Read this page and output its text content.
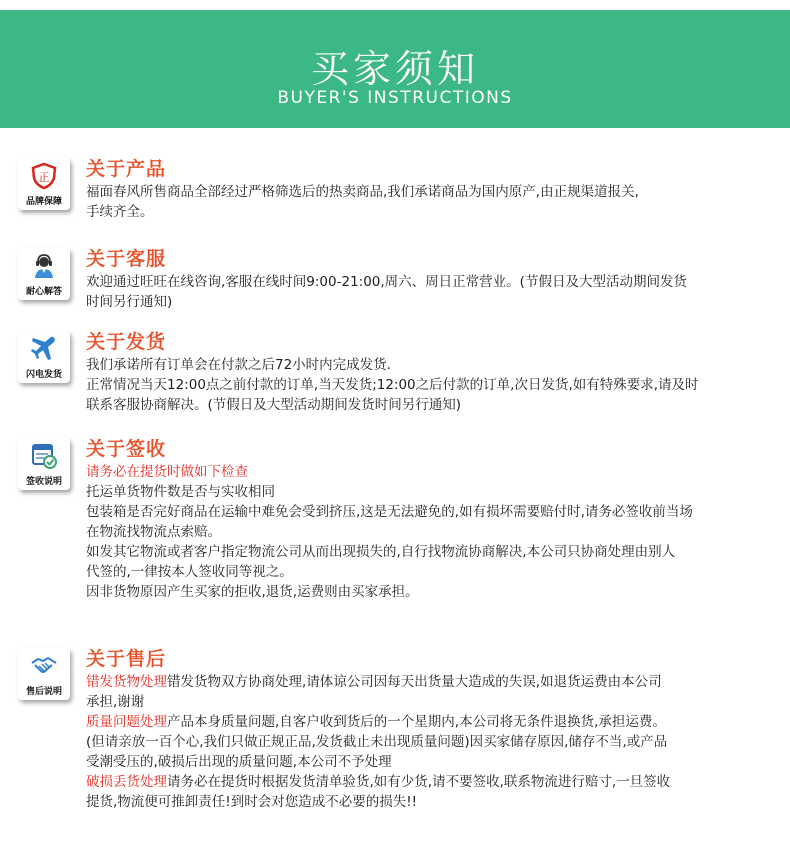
买家须知
BUYER'S INSTRUCTIONS
正
品牌保障
关于产品

福面春风所售商品全部经过严格筛选后的热卖商品,我们承诺商品为国内原产,由正规渠道报关,

手续齐全。

耐心解答
关于客服

欢迎通过旺旺在线咨询,客服在线时间9:00-21:00,周六、周日正常营业。(节假日及大型活动期间发货

时间另行通知)

闪电发货
关于发货

我们承诺所有订单会在付款之后72小时内完成发货.

正常情况当天12:00点之前付款的订单,当天发货;12:00之后付款的订单,次日发货,如有特殊要求,请及时

联系客服协商解决。(节假日及大型活动期间发货时间另行通知)

签收说明
关于签收

请务必在提货时做如下检查

托运单货物件数是否与实收相同

包装箱是否完好商品在运输中难免会受到挤压,这是无法避免的,如有损坏需要赔付时,请务必签收前当场

在物流找物流点索赔。

如发其它物流或者客户指定物流公司从而出现损失的,自行找物流协商解决,本公司只协商处理由别人

代签的,一律按本人签收同等视之。

因非货物原因产生买家的拒收,退货,运费则由买家承担。

售后说明
关于售后

错发货物处理错发货物双方协商处理,请体谅公司因每天出货量大造成的失误,如退货运费由本公司

承担,谢谢

质量问题处理产品本身质量问题,自客户收到货后的一个星期内,本公司将无条件退换货,承担运费。

(但请亲放一百个心,我们只做正规正品,发货截止未出现质量问题)因买家储存原因,储存不当,或产品

受潮受压的,破损后出现的质量问题,本公司不予处理

破损丢货处理请务必在提货时根据发货清单验货,如有少货,请不要签收,联系物流进行赔寸,一旦签收

提货,物流便可推卸责任!到时会对您造成不必要的损失!!
